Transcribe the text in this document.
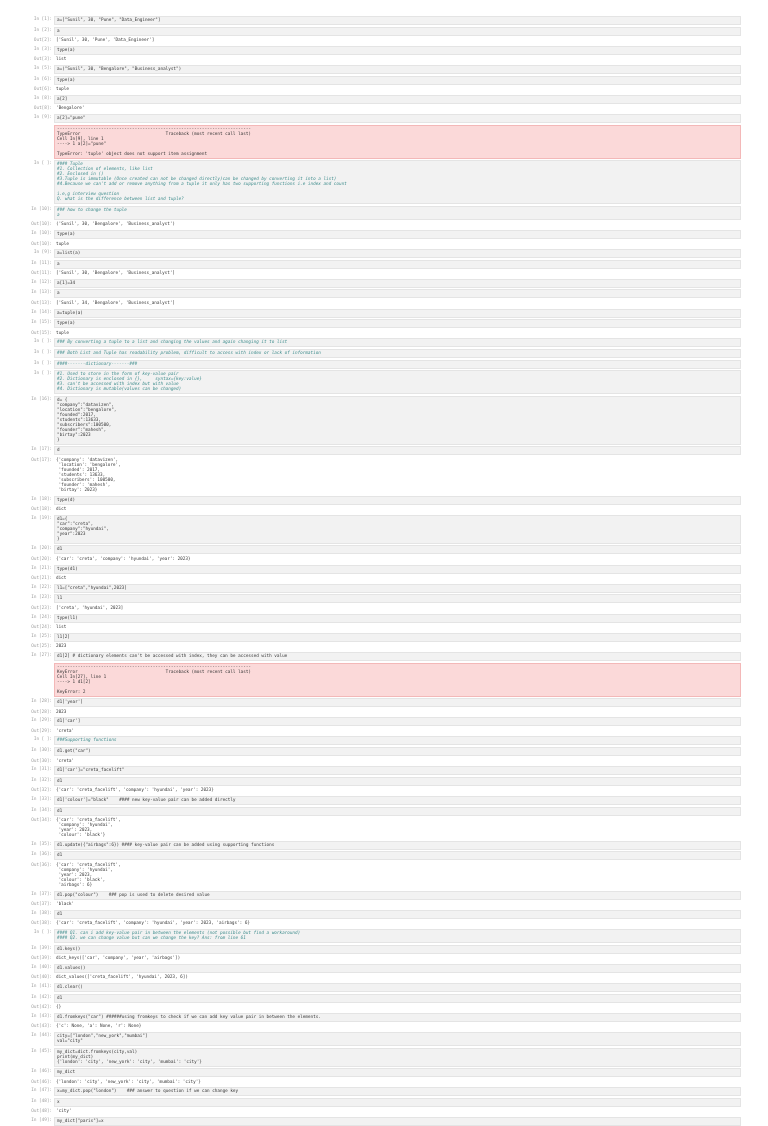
In [1]:	a=["Sunil", 30, "Pune", "Data_Engineer"]
In [2]:	a
Out[2]: ['Sunil', 30, 'Pune', 'Data_Engineer']
In [3]:	type(a)
Out[3]: list
In [5]:	a=("Sunil", 30, "Bengalore", "Business_analyst")
In [6]:	type(a)
Out[6]: tuple
In [8]:	a[2]
Out[8]: 'Bengalore'
In [9]:	a[2]="pune"
---------------------------------------------------------------------------
TypeError                                 Traceback (most recent call last)
Cell In[9], line 1
----> 1 a[2]="pune"

TypeError: 'tuple' object does not support item assignment
In [ ]:	#### Tuple
#1. Collection of elements, like list
#2. Enclosed in ()
#3.Tuple is immutable (Once created can not be changed directly)can be changed by converting it into a list)
#4.Because we can't add or remove anything from a tuple it only has two supporting functions i.e index and count

i.e,g interview question
Q. what is the difference between list and tuple?
In [10]:	### how to change the tuple
a
Out[10]: ('Sunil', 30, 'Bengalore', 'Business_analyst')
In [10]:	type(a)
Out[10]: tuple
In [9]:	a=list(a)
In [11]:	a
Out[11]: ['Sunil', 30, 'Bengalore', 'Business_analyst']
In [12]:	a[1]=34
In [13]:	a
Out[13]: ['Sunil', 34, 'Bengalore', 'Business_analyst']
In [14]:	a=tuple(a)
In [15]:	type(a)
Out[15]: tuple
In [ ]:	### By converting a tuple to a list and changing the values and again changing it to list
In [ ]:	### Both List and Tuple has readability problem, difficult to access with index or lack of information
In [ ]:	####-------dictionary-------###
In [ ]:	#1. Used to store in the form of key-value pair
#2. Dictionary is enclosed in {},     syntax={key:value}
#3. can't be accessed with index but with value
#4. Dictionary is mutable(values can be changed)
In [16]:	d= {
"company":"datavizen",
"location":"bengalore",
"founded":2017,
"students":13633,
"subscribers":100500,
"founder":"mahesh",
"birtay":2023
}
In [17]:	d
Out[17]: {'company': 'datavizen',
'location': 'bengalore',
'founded': 2017,
'students': 13633,
'subscribers': 100500,
'founder': 'mahesh',
'birtay': 2023}
In [18]:	type(d)
Out[18]: dict
In [19]:	d1={
"car":"creta",
"company":"hyundai",
"year":2023
}
In [20]:	d1
Out[20]: {'car': 'creta', 'company': 'hyundai', 'year': 2023}
In [21]:	type(d1)
Out[21]: dict
In [22]:	l1=["creta","hyundai",2023]
In [23]:	l1
Out[23]: ['creta', 'hyundai', 2023]
In [24]:	type(l1)
Out[24]: list
In [25]:	l1[2]
Out[25]: 2023
In [27]:	d1[2] # dictionary elements can't be accessed with index, they can be accessed with value
---------------------------------------------------------------------------
KeyError                                  Traceback (most recent call last)
Cell In[27], line 1
----> 1 d1[2]

KeyError: 2
In [28]:	d1['year']
Out[28]: 2023
In [29]:	d1['car']
Out[29]: 'creta'
In [ ]:	###Supporting functions
In [30]:	d1.get("car")
Out[30]: 'creta'
In [31]:	d1['car']="creta_facelift"
In [32]:	d1
Out[32]: {'car': 'creta_facelift', 'company': 'hyundai', 'year': 2023}
In [33]:	d1['colour']="black"    #### new key-value pair can be added directly
In [34]:	d1
Out[34]: {'car': 'creta_facelift',
'company': 'hyundai',
'year': 2023,
'colour': 'black'}
In [35]:	d1.update({"airbags":6}) #### key-value pair can be added using supporting functions
In [36]:	d1
Out[36]: {'car': 'creta_facelift',
'company': 'hyundai',
'year': 2023,
'colour': 'black',
'airbags': 6}
In [37]:	d1.pop("colour")    ### pop is used to delete desired value
Out[37]: 'black'
In [38]:	d1
Out[38]: {'car': 'creta_facelift', 'company': 'hyundai', 'year': 2023, 'airbags': 6}
In [ ]:	#### Q1. can i add key-value pair in between the elements (not possible but find a workaround)
#### Q2. we can change value but can we change the key? Ans: from line 61
In [39]:	d1.keys()
Out[39]: dict_keys(['car', 'company', 'year', 'airbags'])
In [40]:	d1.values()
Out[40]: dict_values(['creta_facelift', 'hyundai', 2023, 6])
In [41]:	d1.clear()
In [42]:	d1
Out[42]: {}
In [43]:	d1.fromkeys("car") ######using fromkeys to check if we can add key value pair in between the elements.
Out[43]: {'c': None, 'a': None, 'r': None}
In [44]:	city=["london","new_york","mumbai"]
val="city"
In [45]:	my_dict=dict.fromkeys(city,val)
print(my_dict)
{'london': 'city', 'new_york': 'city', 'mumbai': 'city'}
In [46]:	my_dict
Out[46]: {'london': 'city', 'new_york': 'city', 'mumbai': 'city'}
In [47]:	x=my_dict.pop("london")    ### answer to question if we can change key
In [48]:	x
Out[48]: 'city'
In [49]:	my_dict["paris"]=x
